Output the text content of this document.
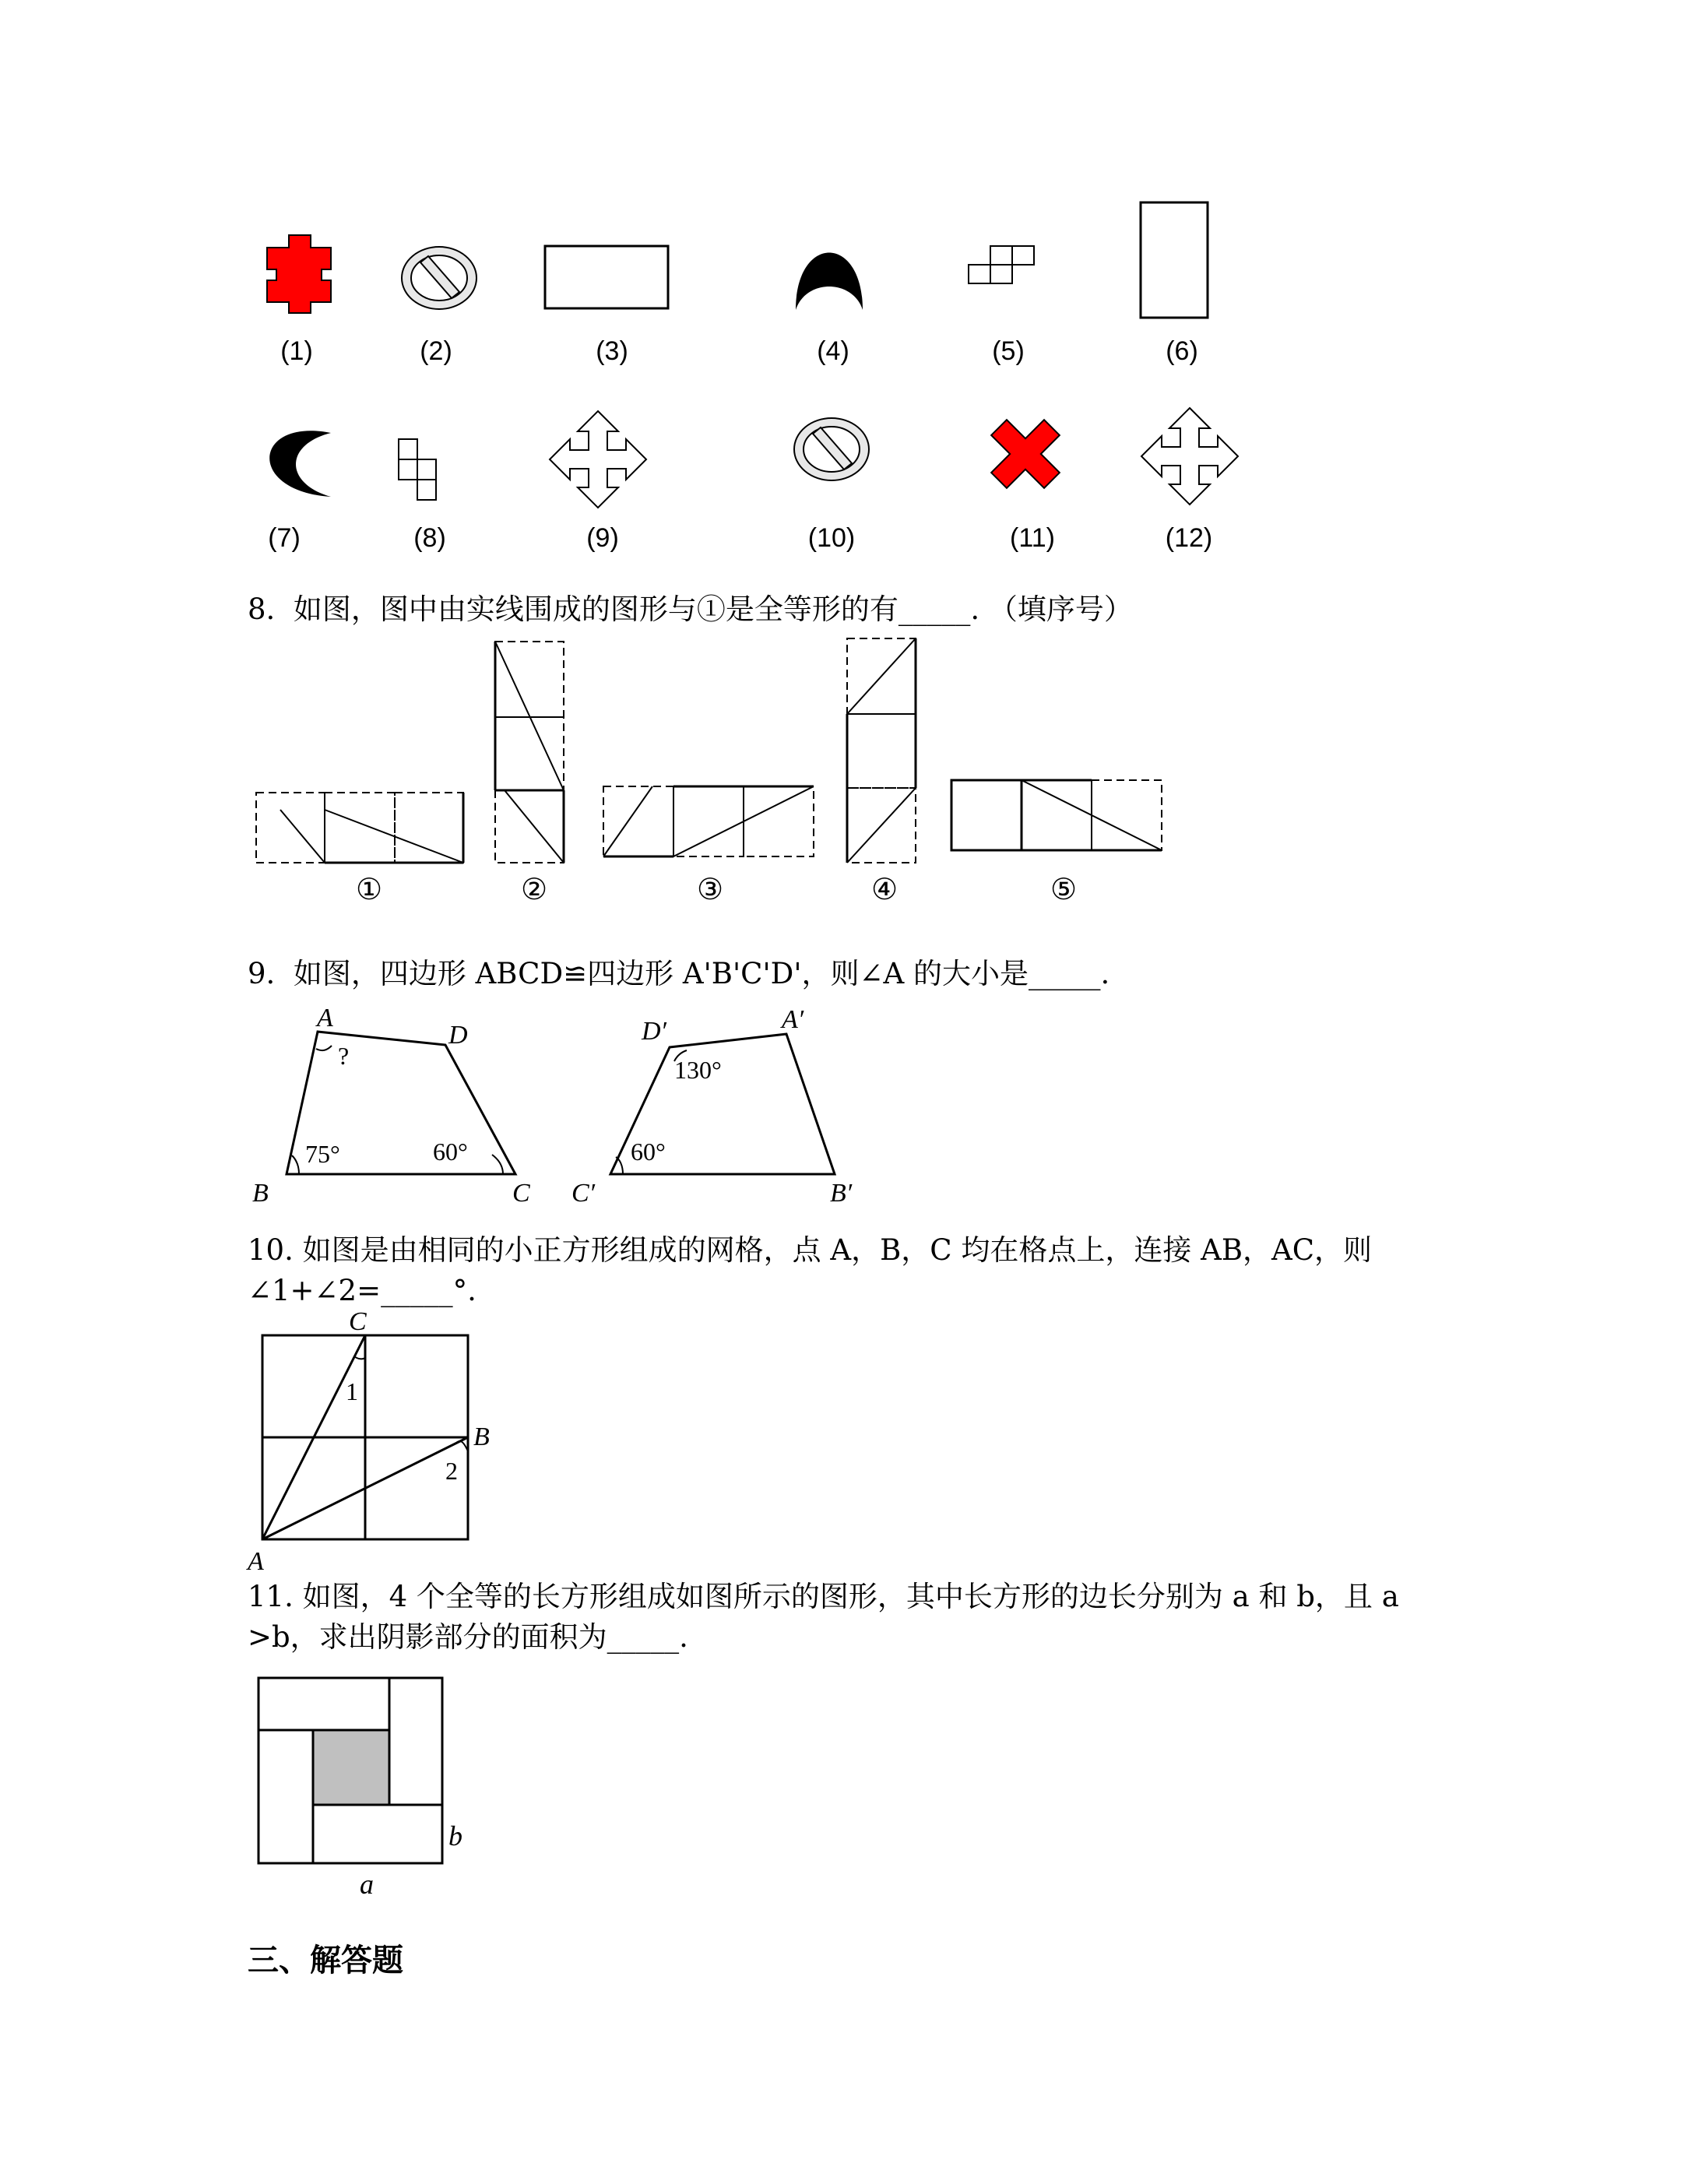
(1)	(2)	(3)	(4)	(5)	(6)
(7)	(8)	(9)	(10)	(11)	(12)
8.  如图，图中由实线围成的图形与①是全等形的有_____. （填序号）
①	②	③	④	⑤
9.  如图，四边形 ABCD≌四边形 A'B'C'D'，则∠A 的大小是_____.
A
D
B	C
?
75°	60°
D′	A′
C′	B′
130°
60°
10. 如图是由相同的小正方形组成的网格，点 A，B，C 均在格点上，连接 AB，AC，则
∠1+∠2=_____°.
C
B
A
1
2
11. 如图，4 个全等的长方形组成如图所示的图形，其中长方形的边长分别为 a 和 b，且 a
>b，求出阴影部分的面积为_____.
b
a
三、解答题
